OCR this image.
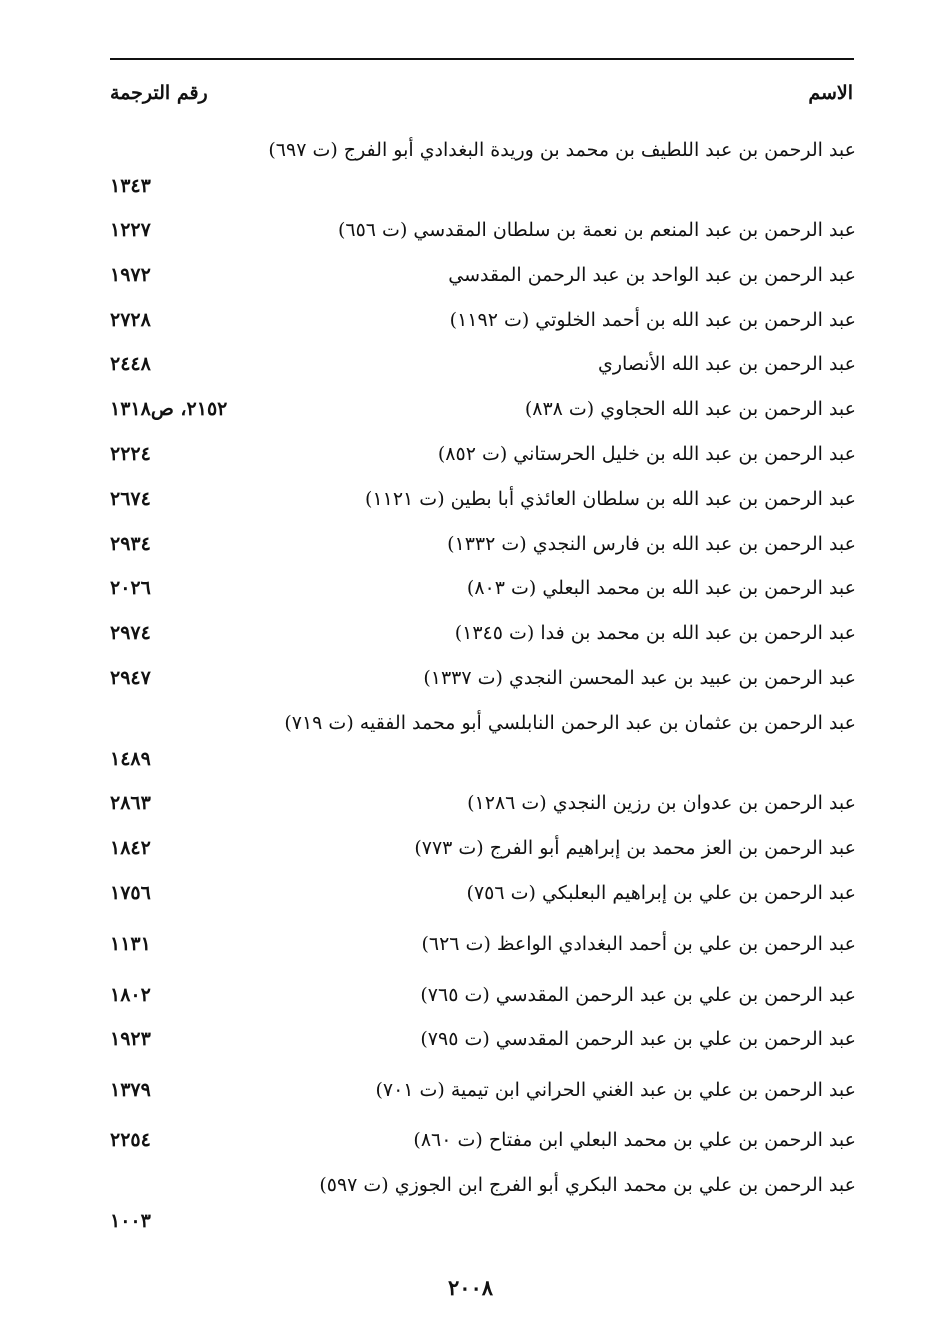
الاسم
رقم الترجمة
عبد الرحمن بن عبد اللطيف بن محمد بن وريدة البغدادي أبو الفرج (ت ٦٩٧)
١٣٤٣
عبد الرحمن بن عبد المنعم بن نعمة بن سلطان المقدسي (ت ٦٥٦)
١٢٢٧
عبد الرحمن بن عبد الواحد بن عبد الرحمن المقدسي
١٩٧٢
عبد الرحمن بن عبد الله بن أحمد الخلوتي (ت ١١٩٢)
٢٧٢٨
عبد الرحمن بن عبد الله الأنصاري
٢٤٤٨
عبد الرحمن بن عبد الله الحجاوي (ت ٨٣٨)
٢١٥٢، ص١٣١٨
عبد الرحمن بن عبد الله بن خليل الحرستاني (ت ٨٥٢)
٢٢٢٤
عبد الرحمن بن عبد الله بن سلطان العائذي أبا بطين (ت ١١٢١)
٢٦٧٤
عبد الرحمن بن عبد الله بن فارس النجدي (ت ١٣٣٢)
٢٩٣٤
عبد الرحمن بن عبد الله بن محمد البعلي (ت ٨٠٣)
٢٠٢٦
عبد الرحمن بن عبد الله بن محمد بن فدا (ت ١٣٤٥)
٢٩٧٤
عبد الرحمن بن عبيد بن عبد المحسن النجدي (ت ١٣٣٧)
٢٩٤٧
عبد الرحمن بن عثمان بن عبد الرحمن النابلسي أبو محمد الفقيه (ت ٧١٩)
١٤٨٩
عبد الرحمن بن عدوان بن رزين النجدي (ت ١٢٨٦)
٢٨٦٣
عبد الرحمن بن العز محمد بن إبراهيم أبو الفرج (ت ٧٧٣)
١٨٤٢
عبد الرحمن بن علي بن إبراهيم البعلبكي (ت ٧٥٦)
١٧٥٦
عبد الرحمن بن علي بن أحمد البغدادي الواعظ (ت ٦٢٦)
١١٣١
عبد الرحمن بن علي بن عبد الرحمن المقدسي (ت ٧٦٥)
١٨٠٢
عبد الرحمن بن علي بن عبد الرحمن المقدسي (ت ٧٩٥)
١٩٢٣
عبد الرحمن بن علي بن عبد الغني الحراني ابن تيمية (ت ٧٠١)
١٣٧٩
عبد الرحمن بن علي بن محمد البعلي ابن مفتاح (ت ٨٦٠)
٢٢٥٤
عبد الرحمن بن علي بن محمد البكري أبو الفرج ابن الجوزي (ت ٥٩٧)
١٠٠٣
٢٠٠٨
